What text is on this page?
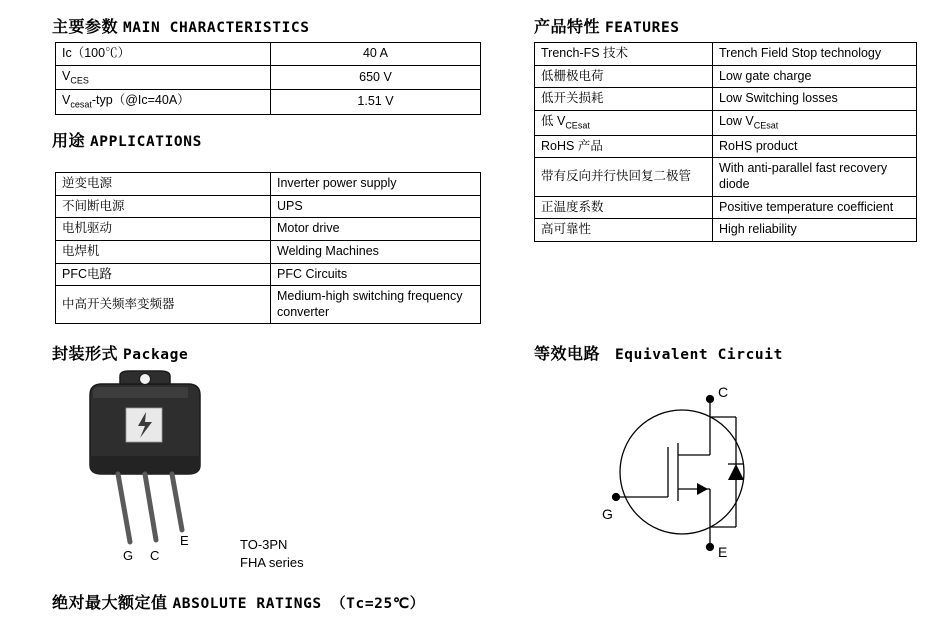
主要参数 MAIN CHARACTERISTICS
Ic（100℃）	40 A
$V_{CES}$	650 V
$V_{cesat}-typ(@Ic=40A)$	1.51 V
用途 APPLICATIONS
逆变电源	Inverter power supply
不间断电源	UPS
电机驱动	Motor drive
电焊机	Welding Machines
PFC电路	PFC Circuits
中高开关频率变频器	Medium-high switching frequency converter
产品特性 FEATURES
Trench-FS 技术	Trench Field Stop technology
低栅极电荷	Low gate charge
低开关损耗	Low Switching losses
低 $V_{CEsat}$	Low $V_{CEsat}$
RoHS 产品	RoHS product
带有反向并行快回复二极管	With anti-parallel fast recovery diode
正温度系数	Positive temperature coefficient
高可靠性	High reliability
封装形式 Package
G C
E	TO-3PN
FHA series
等效电路 Equivalent Circuit
C
G
E
绝对最大额定值 ABSOLUTE RATINGS （Tc=25℃）
